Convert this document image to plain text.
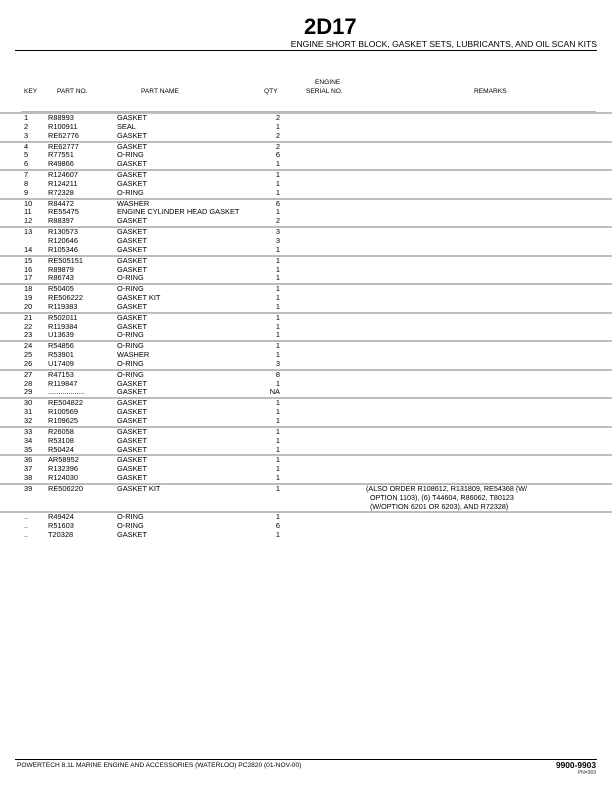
2D17
ENGINE SHORT BLOCK, GASKET SETS, LUBRICANTS, AND OIL SCAN KITS
KEY	PART NO.	PART NAME	QTY
ENGINE
SERIAL NO.	REMARKS
1	R88993	GASKET	2
2	R100911	SEAL	1
3	RE62776	GASKET	2
4	RE62777	GASKET	2
5	R77551	O-RING	6
6	R49866	GASKET	1
7	R124607	GASKET	1
8	R124211	GASKET	1
9	R72328	O-RING	1
10 R84472	WASHER	6
11 RE55475	ENGINE CYLINDER HEAD GASKET	1
12 R88397	GASKET	2
13 R130573	GASKET	3
R120646	GASKET	3
14 R105346	GASKET	1
15 RE505151	GASKET	1
16 R89879	GASKET	1
17 R86743	O-RING	1
18 R50405	O-RING	1
19 RE506222	GASKET KIT	1
20 R119383	GASKET	1
21 R502011	GASKET	1
22 R119384	GASKET	1
23 U13639	O-RING	1
24 R54856	O-RING	1
25 R53901	WASHER	1
26 U17409	O-RING	3
27 R47153	O-RING	8
28 R119847	GASKET	1
29 ..................	GASKET	NA
30 RE504822	GASKET	1
31 R100569	GASKET	1
32 R109625	GASKET	1
33 R26058	GASKET	1
34 R53108	GASKET	1
35 R50424	GASKET	1
36 AR58952	GASKET	1
37 R132396	GASKET	1
38 R124030	GASKET	1
39 RE506220	GASKET KIT	1	(ALSO ORDER R108612, R131809, RE54368 (W/
OPTION 1103), (6) T44604, R86062, T80123
(W/OPTION 6201 OR 6203), AND R72328)
..	R49424	O-RING	1
..	R51603	O-RING	6
..	T20328	GASKET	1
POWERTECH 8.1L MARINE ENGINE AND ACCESSORIES (WATERLOO) PC2820 (01-NOV-00)	9900-9903
PN=369
